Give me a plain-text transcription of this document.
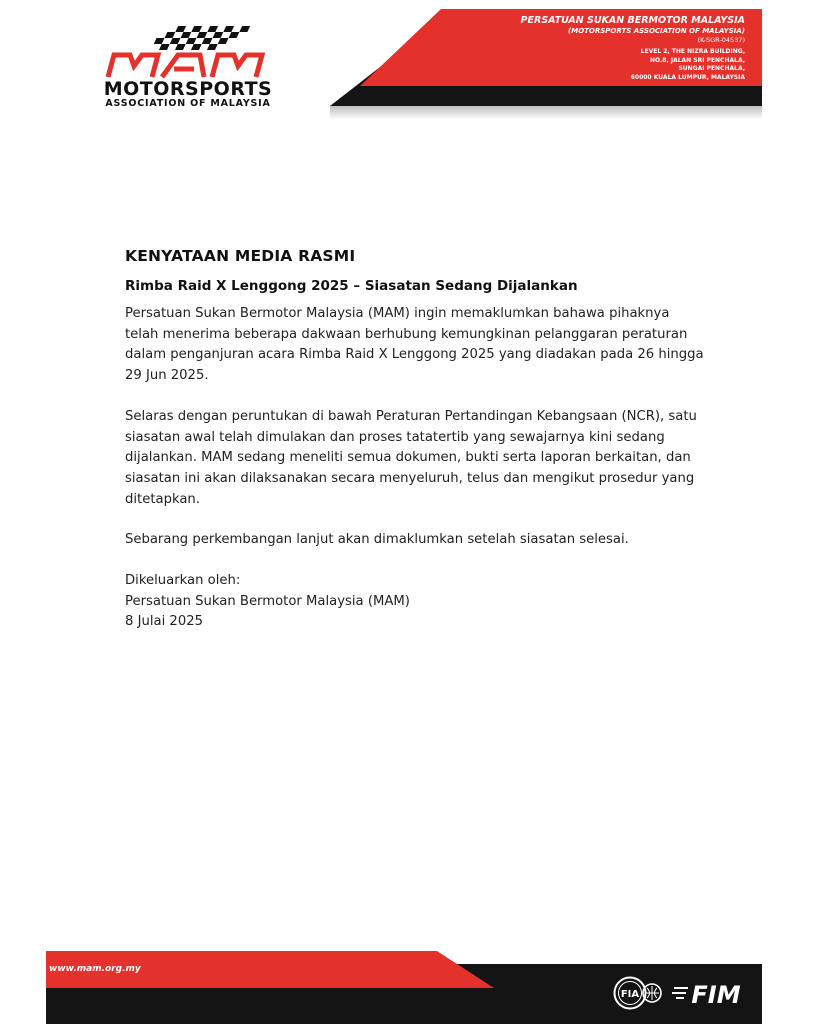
MOTORSPORTS
ASSOCIATION OF MALAYSIA
PERSATUAN SUKAN BERMOTOR MALAYSIA
(MOTORSPORTS ASSOCIATION OF MALAYSIA)
(K-SGR-04537)
LEVEL 2, THE NIZRA BUILDING,
NO.8, JALAN SRI PENCHALA,
SUNGAI PENCHALA,
60000 KUALA LUMPUR, MALAYSIA
KENYATAAN MEDIA RASMI
Rimba Raid X Lenggong 2025 – Siasatan Sedang Dijalankan

Persatuan Sukan Bermotor Malaysia (MAM) ingin memaklumkan bahawa pihaknya telah menerima beberapa dakwaan berhubung kemungkinan pelanggaran peraturan dalam penganjuran acara Rimba Raid X Lenggong 2025 yang diadakan pada 26 hingga 29 Jun 2025.

Selaras dengan peruntukan di bawah Peraturan Pertandingan Kebangsaan (NCR), satu siasatan awal telah dimulakan dan proses tatatertib yang sewajarnya kini sedang dijalankan. MAM sedang meneliti semua dokumen, bukti serta laporan berkaitan, dan siasatan ini akan dilaksanakan secara menyeluruh, telus dan mengikut prosedur yang ditetapkan.

Sebarang perkembangan lanjut akan dimaklumkan setelah siasatan selesai.

Dikeluarkan oleh:
Persatuan Sukan Bermotor Malaysia (MAM)
8 Julai 2025
www.mam.org.my
FIA FIM
